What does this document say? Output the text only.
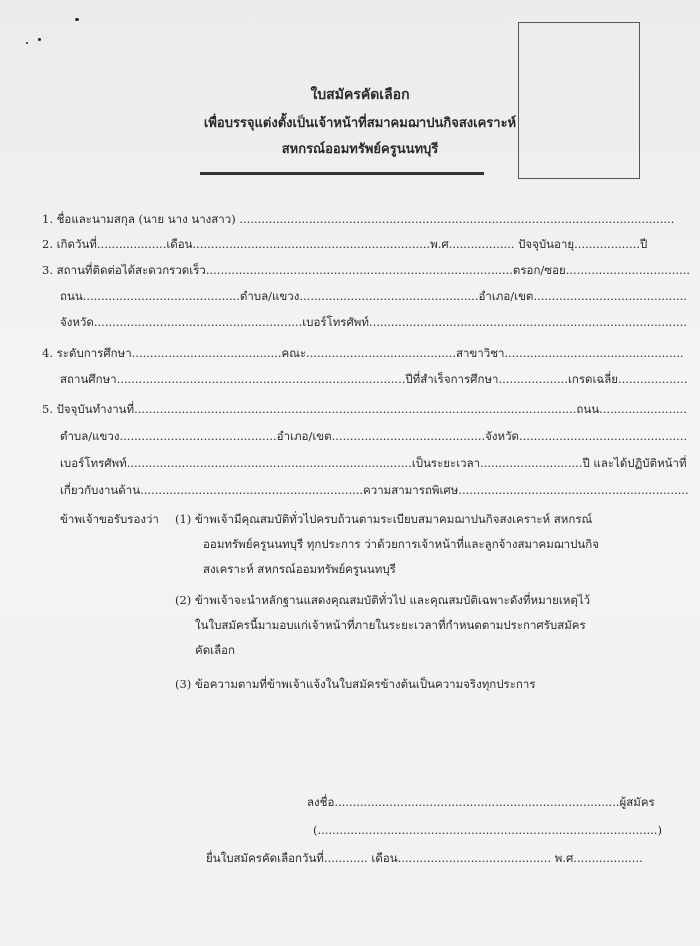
ใบสมัครคัดเลือก
เพื่อบรรจุแต่งตั้งเป็นเจ้าหน้าที่สมาคมฌาปนกิจสงเคราะห์
สหกรณ์ออมทรัพย์ครูนนทบุรี
1. ชื่อและนามสกุล (นาย นาง นางสาว) .......................................................................................................................
2. เกิดวันที่...................เดือน.................................................................พ.ศ.................. ปัจจุบันอายุ..................ปี
3. สถานที่ติดต่อได้สะดวกรวดเร็ว....................................................................................ตรอก/ซอย..................................
ถนน...........................................ตำบล/แขวง.................................................อำเภอ/เขต..........................................
จังหวัด.........................................................เบอร์โทรศัพท์.......................................................................................
4. ระดับการศึกษา.........................................คณะ.........................................สาขาวิชา.................................................
สถานศึกษา...............................................................................ปีที่สำเร็จการศึกษา...................เกรดเฉลี่ย...................
5. ปัจจุบันทำงานที่.........................................................................................................................ถนน........................
ตำบล/แขวง...........................................อำเภอ/เขต..........................................จังหวัด..............................................
เบอร์โทรศัพท์..............................................................................เป็นระยะเวลา............................ปี และได้ปฏิบัติหน้าที่
เกี่ยวกับงานด้าน.............................................................ความสามารถพิเศษ...............................................................
ข้าพเจ้าขอรับรองว่า (1) ข้าพเจ้ามีคุณสมบัติทั่วไปครบถ้วนตามระเบียบสมาคมฌาปนกิจสงเคราะห์ สหกรณ์
ออมทรัพย์ครูนนทบุรี ทุกประการ ว่าด้วยการเจ้าหน้าที่และลูกจ้างสมาคมฌาปนกิจ
สงเคราะห์ สหกรณ์ออมทรัพย์ครูนนทบุรี
(2) ข้าพเจ้าจะนำหลักฐานแสดงคุณสมบัติทั่วไป และคุณสมบัติเฉพาะดังที่หมายเหตุไว้
ในใบสมัครนี้มามอบแก่เจ้าหน้าที่ภายในระยะเวลาที่กำหนดตามประกาศรับสมัคร
คัดเลือก
(3) ข้อความตามที่ข้าพเจ้าแจ้งในใบสมัครข้างต้นเป็นความจริงทุกประการ
ลงชื่อ..............................................................................ผู้สมัคร
(.............................................................................................)
ยื่นใบสมัครคัดเลือกวันที่............ เดือน.......................................... พ.ศ...................
